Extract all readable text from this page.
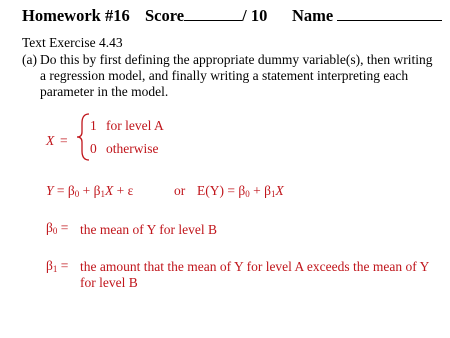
Homework #16 Score	/ 10 Name
Text Exercise 4.43
(a) Do this by first defining the appropriate dummy variable(s), then writing a regression model, and finally writing a statement interpreting each parameter in the model.
X =
1 for level A
0 otherwise
$Y = \beta_0 + \beta_1X + \varepsilon$	or $E(Y) = \beta_0 + \beta_1X$
$\beta_0$ = the mean of Y for level B
$\beta_1$ = the amount that the mean of Y for level A exceeds the mean of Y for level B
